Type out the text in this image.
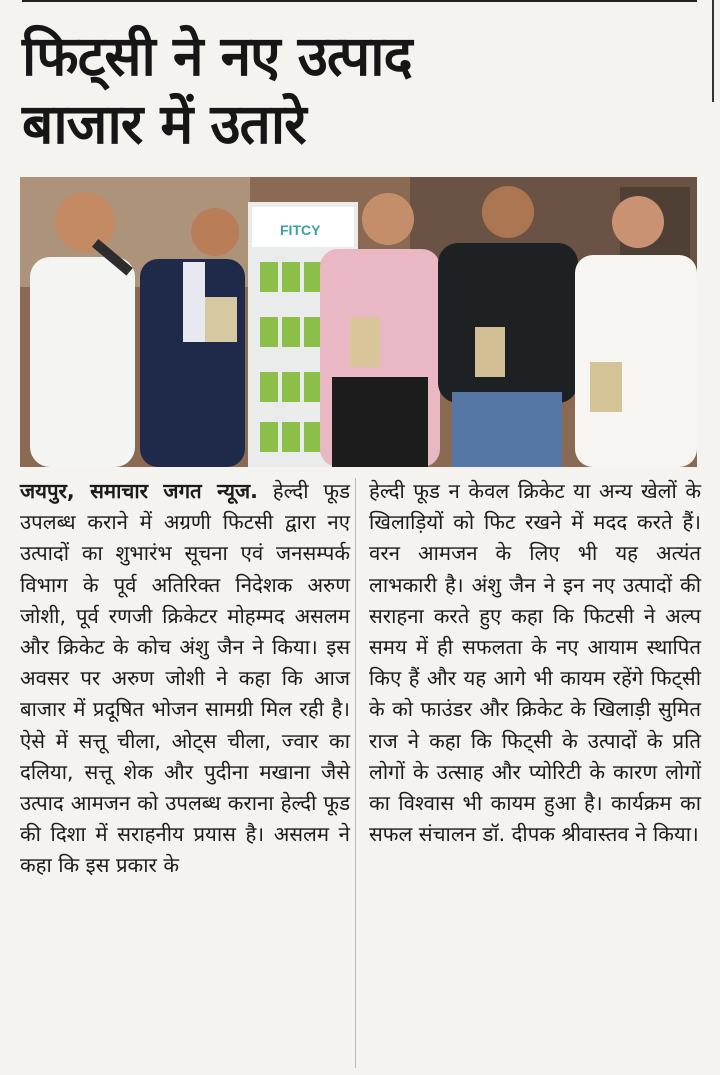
फिट्सी ने नए उत्पाद
बाजार में उतारे
FITCY

जयपुर, समाचार जगत न्यूज. हेल्दी फूड उपलब्ध कराने में अग्रणी फिटसी द्वारा नए उत्पादों का शुभारंभ सूचना एवं जनसम्पर्क विभाग के पूर्व अतिरिक्त निदेशक अरुण जोशी, पूर्व रणजी क्रिकेटर मोहम्मद असलम और क्रिकेट के कोच अंशु जैन ने किया। इस अवसर पर अरुण जोशी ने कहा कि आज बाजार में प्रदूषित भोजन सामग्री मिल रही है। ऐसे में सत्तू चीला, ओट्स चीला, ज्वार का दलिया, सत्तू शेक और पुदीना मखाना जैसे उत्पाद आमजन को उपलब्ध कराना हेल्दी फूड की दिशा में सराहनीय प्रयास है। असलम ने कहा कि इस प्रकार के

हेल्दी फूड न केवल क्रिकेट या अन्य खेलों के खिलाड़ियों को फिट रखने में मदद करते हैं। वरन आमजन के लिए भी यह अत्यंत लाभकारी है। अंशु जैन ने इन नए उत्पादों की सराहना करते हुए कहा कि फिटसी ने अल्प समय में ही सफलता के नए आयाम स्थापित किए हैं और यह आगे भी कायम रहेंगे फिट्सी के को फाउंडर और क्रिकेट के खिलाड़ी सुमित राज ने कहा कि फिट्सी के उत्पादों के प्रति लोगों के उत्साह और प्योरिटी के कारण लोगों का विश्वास भी कायम हुआ है। कार्यक्रम का सफल संचालन डॉ. दीपक श्रीवास्तव ने किया।
